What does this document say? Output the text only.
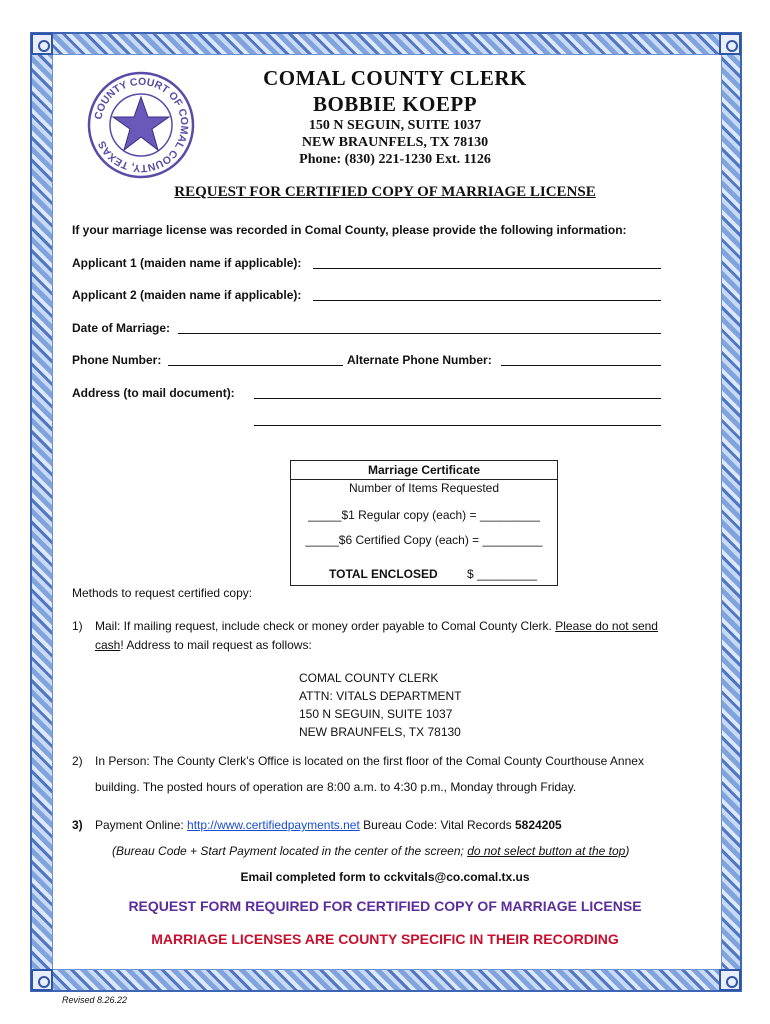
COUNTY COURT OF COMAL COUNTY, TEXAS
COMAL COUNTY CLERK
BOBBIE KOEPP
150 N SEGUIN, SUITE 1037
NEW BRAUNFELS, TX 78130
Phone: (830) 221-1230 Ext. 1126
REQUEST FOR CERTIFIED COPY OF MARRIAGE LICENSE
If your marriage license was recorded in Comal County, please provide the following information:
Applicant 1 (maiden name if applicable):
Applicant 2 (maiden name if applicable):
Date of Marriage:
Phone Number:	Alternate Phone Number:
Address (to mail document):
Marriage Certificate
Number of Items Requested
_____$1 Regular copy (each) = _________
_____$6 Certified Copy (each) = _________
TOTAL ENCLOSED $ _________
Methods to request certified copy:
1) Mail: If mailing request, include check or money order payable to Comal County Clerk. Please do not send
cash! Address to mail request as follows:
COMAL COUNTY CLERK
ATTN: VITALS DEPARTMENT
150 N SEGUIN, SUITE 1037
NEW BRAUNFELS, TX 78130
2) In Person: The County Clerk’s Office is located on the first floor of the Comal County Courthouse Annex
building. The posted hours of operation are 8:00 a.m. to 4:30 p.m., Monday through Friday.
3) Payment Online: http://www.certifiedpayments.net Bureau Code: Vital Records 5824205
(Bureau Code + Start Payment located in the center of the screen; do not select button at the top)
Email completed form to cckvitals@co.comal.tx.us
REQUEST FORM REQUIRED FOR CERTIFIED COPY OF MARRIAGE LICENSE
MARRIAGE LICENSES ARE COUNTY SPECIFIC IN THEIR RECORDING
Revised 8.26.22
